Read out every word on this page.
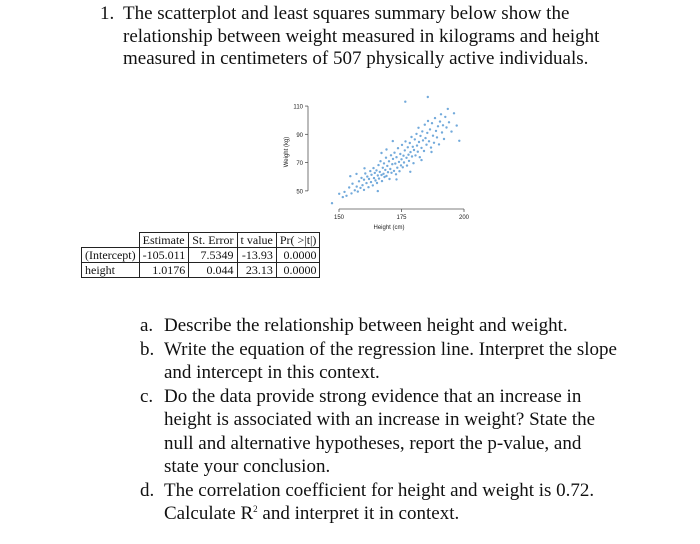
1. The scatterplot and least squares summary below show the relationship between weight measured in kilograms and height measured in centimeters of 507 physically active individuals.
50
70
90
110
150	175	200
Height (cm)
Weight (kg)
	Estimate	St. Error	t value	Pr( >|t|)
(Intercept)	-105.011	7.5349	-13.93	0.0000
height	1.0176	0.044	23.13	0.0000
a. Describe the relationship between height and weight.
b. Write the equation of the regression line. Interpret the slope and intercept in this context.
c. Do the data provide strong evidence that an increase in height is associated with an increase in weight? State the null and alternative hypotheses, report the p-value, and state your conclusion.
d. The correlation coefficient for height and weight is 0.72. Calculate $R^2$ and interpret it in context.
